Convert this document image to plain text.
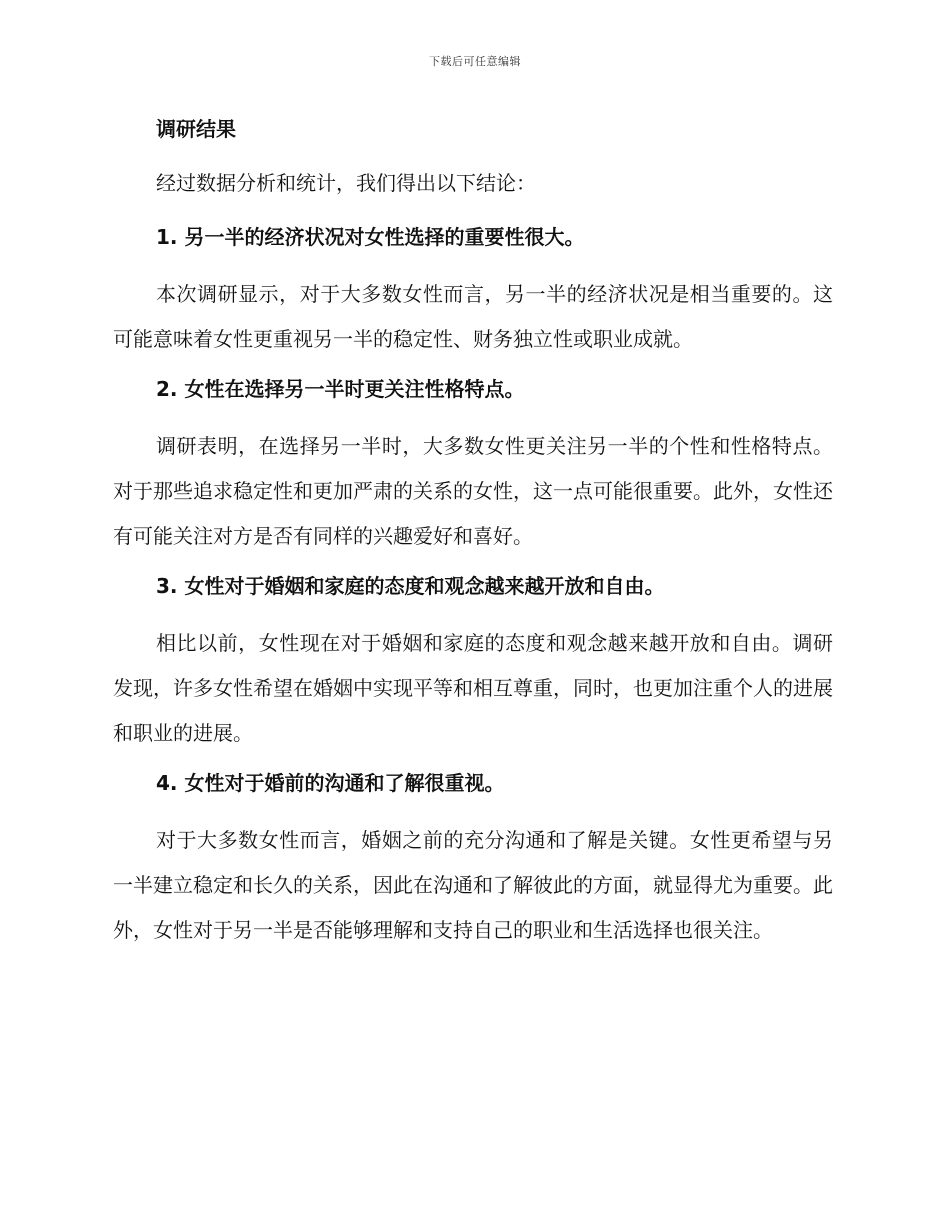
下载后可任意编辑

调研结果

经过数据分析和统计，我们得出以下结论：

1. 另一半的经济状况对女性选择的重要性很大。

本次调研显示，对于大多数女性而言，另一半的经济状况是相当重要的。这可能意味着女性更重视另一半的稳定性、财务独立性或职业成就。

2. 女性在选择另一半时更关注性格特点。

调研表明，在选择另一半时，大多数女性更关注另一半的个性和性格特点。对于那些追求稳定性和更加严肃的关系的女性，这一点可能很重要。此外，女性还有可能关注对方是否有同样的兴趣爱好和喜好。

3. 女性对于婚姻和家庭的态度和观念越来越开放和自由。

相比以前，女性现在对于婚姻和家庭的态度和观念越来越开放和自由。调研发现，许多女性希望在婚姻中实现平等和相互尊重，同时，也更加注重个人的进展和职业的进展。

4. 女性对于婚前的沟通和了解很重视。

对于大多数女性而言，婚姻之前的充分沟通和了解是关键。女性更希望与另一半建立稳定和长久的关系，因此在沟通和了解彼此的方面，就显得尤为重要。此外，女性对于另一半是否能够理解和支持自己的职业和生活选择也很关注。
